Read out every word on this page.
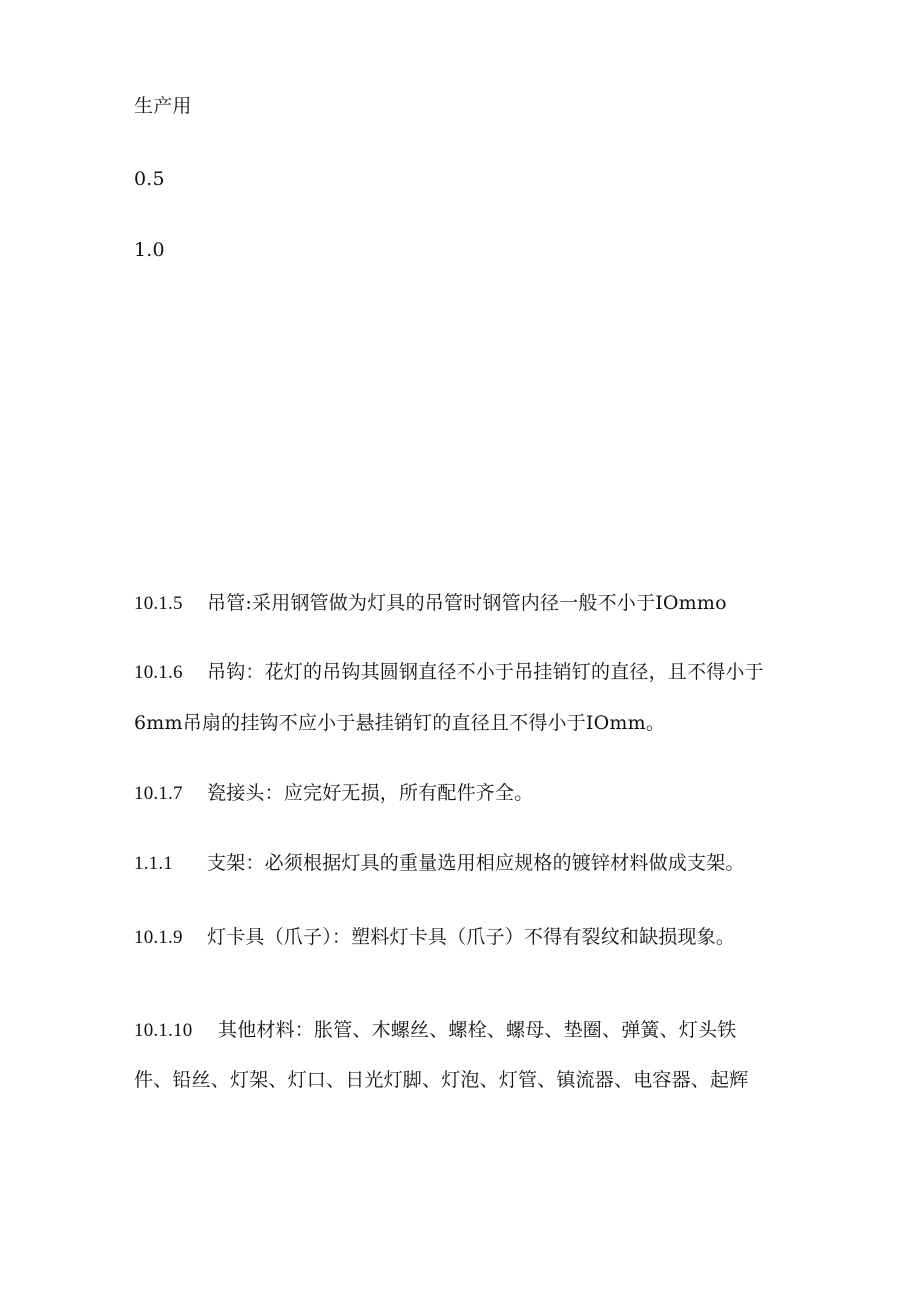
生产用
0.5
1.0
10.1.5 吊管:采用钢管做为灯具的吊管时钢管内径一般不小于IOmmo
10.1.6 吊钩：花灯的吊钩其圆钢直径不小于吊挂销钉的直径，且不得小于
6mm吊扇的挂钩不应小于悬挂销钉的直径且不得小于IOmm。
10.1.7 瓷接头：应完好无损，所有配件齐全。
1.1.1 支架：必须根据灯具的重量选用相应规格的镀锌材料做成支架。
10.1.9 灯卡具（爪子）：塑料灯卡具（爪子）不得有裂纹和缺损现象。
10.1.10 其他材料：胀管、木螺丝、螺栓、螺母、垫圈、弹簧、灯头铁
件、铅丝、灯架、灯口、日光灯脚、灯泡、灯管、镇流器、电容器、起辉
